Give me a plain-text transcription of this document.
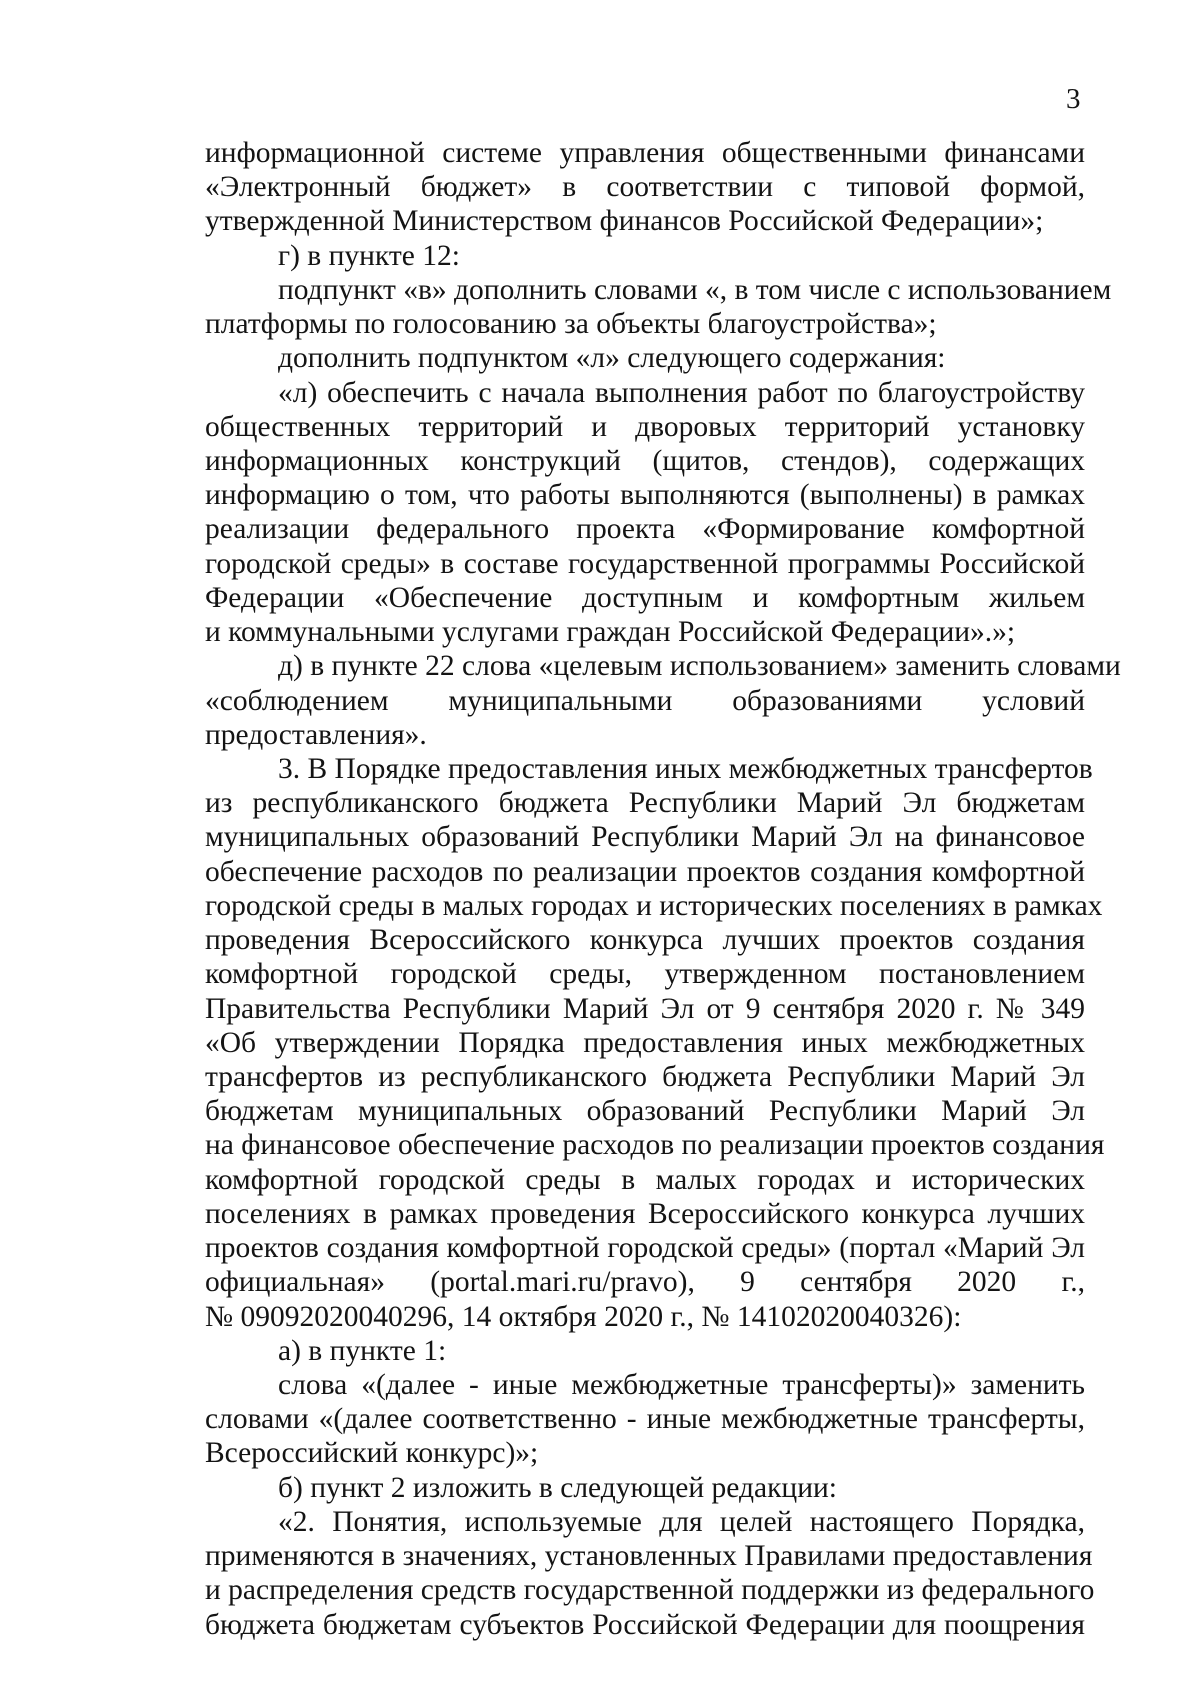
3
информационной системе управления общественными финансами
«Электронный бюджет» в соответствии с типовой формой,
утвержденной Министерством финансов Российской Федерации»;
г) в пункте 12:
подпункт «в» дополнить словами «, в том числе с использованием
платформы по голосованию за объекты благоустройства»;
дополнить подпунктом «л» следующего содержания:
«л) обеспечить с начала выполнения работ по благоустройству
общественных территорий и дворовых территорий установку
информационных конструкций (щитов, стендов), содержащих
информацию о том, что работы выполняются (выполнены) в рамках
реализации федерального проекта «Формирование комфортной
городской среды» в составе государственной программы Российской
Федерации «Обеспечение доступным и комфортным жильем
и коммунальными услугами граждан Российской Федерации».»;
д) в пункте 22 слова «целевым использованием» заменить словами
«соблюдением муниципальными образованиями условий
предоставления».
3. В Порядке предоставления иных межбюджетных трансфертов
из республиканского бюджета Республики Марий Эл бюджетам
муниципальных образований Республики Марий Эл на финансовое
обеспечение расходов по реализации проектов создания комфортной
городской среды в малых городах и исторических поселениях в рамках
проведения Всероссийского конкурса лучших проектов создания
комфортной городской среды, утвержденном постановлением
Правительства Республики Марий Эл от 9 сентября 2020 г. № 349
«Об утверждении Порядка предоставления иных межбюджетных
трансфертов из республиканского бюджета Республики Марий Эл
бюджетам муниципальных образований Республики Марий Эл
на финансовое обеспечение расходов по реализации проектов создания
комфортной городской среды в малых городах и исторических
поселениях в рамках проведения Всероссийского конкурса лучших
проектов создания комфортной городской среды» (портал «Марий Эл
официальная» (portal.mari.ru/pravo), 9 сентября 2020 г.,
№ 09092020040296, 14 октября 2020 г., № 14102020040326):
а) в пункте 1:
слова «(далее - иные межбюджетные трансферты)» заменить
словами «(далее соответственно - иные межбюджетные трансферты,
Всероссийский конкурс)»;
б) пункт 2 изложить в следующей редакции:
«2. Понятия, используемые для целей настоящего Порядка,
применяются в значениях, установленных Правилами предоставления
и распределения средств государственной поддержки из федерального
бюджета бюджетам субъектов Российской Федерации для поощрения
